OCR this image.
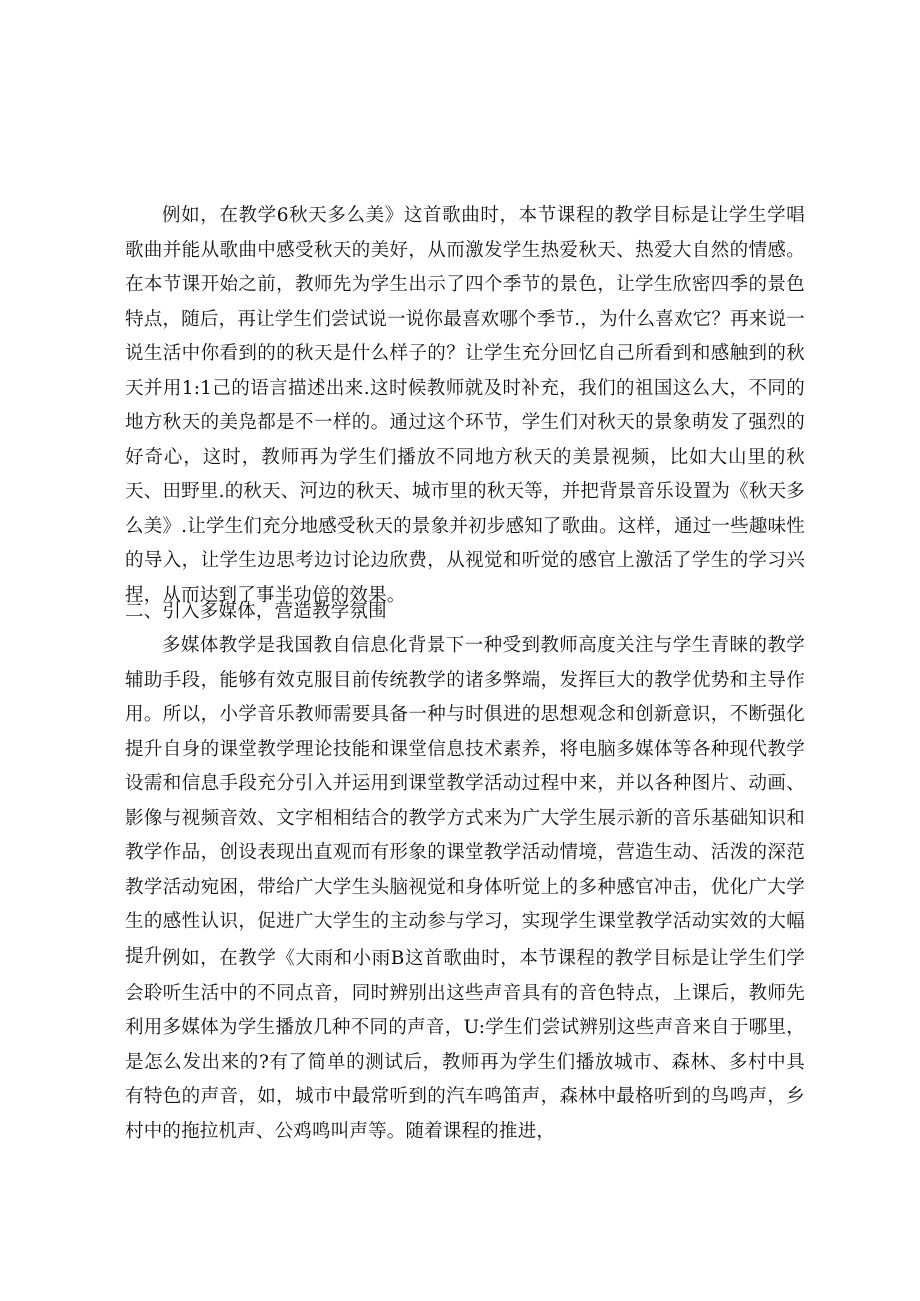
例如，在教学6秋天多么美》这首歌曲时，本节课程的教学目标是让学生学唱歌曲并能从歌曲中感受秋天的美好，从而激发学生热爱秋天、热爱大自然的情感。在本节课开始之前，教师先为学生出示了四个季节的景色，让学生欣密四季的景色特点，随后，再让学生们尝试说一说你最喜欢哪个季节.，为什么喜欢它？再来说一说生活中你看到的的秋天是什么样子的？让学生充分回忆自己所看到和感触到的秋天并用1:1己的语言描述出来.这时候教师就及时补充，我们的祖国这么大，不同的地方秋天的美凫都是不一样的。通过这个环节，学生们对秋天的景象萌发了强烈的好奇心，这时，教师再为学生们播放不同地方秋天的美景视频，比如大山里的秋天、田野里.的秋天、河边的秋天、城市里的秋天等，并把背景音乐设置为《秋天多么美》.让学生们充分地感受秋天的景象并初步感知了歌曲。这样，通过一些趣味性的导入，让学生边思考边讨论边欣费，从视觉和听觉的感官上激活了学生的学习兴捏，从而达到了事半功倍的效果。

二、引入多媒体，营造教学氛围

多媒体教学是我国教自信息化背景下一种受到教师高度关注与学生青睐的教学辅助手段，能够有效克服目前传统教学的诸多弊端，发挥巨大的教学优势和主导作用。所以，小学音乐教师需要具备一种与时俱进的思想观念和创新意识，不断强化提升自身的课堂教学理论技能和课堂信息技术素养，将电脑多媒体等各种现代教学设需和信息手段充分引入并运用到课堂教学活动过程中来，并以各种图片、动画、影像与视频音效、文字相相结合的教学方式来为广大学生展示新的音乐基础知识和教学作品，创设表现出直观而有形象的课堂教学活动情境，营造生动、活泼的深范教学活动宛困，带给广大学生头脑视觉和身体听觉上的多种感官冲击，优化广大学生的感性认识，促进广大学生的主动参与学习，实现学生课堂教学活动实效的大幅提升.

例如，在教学《大雨和小雨B这首歌曲时，本节课程的教学目标是让学生们学会聆听生活中的不同点音，同时辨别出这些声音具有的音色特点，上课后，教师先利用多媒体为学生播放几种不同的声音，U:学生们尝试辨别这些声音来自于哪里，是怎么发出来的?有了简单的测试后，教师再为学生们播放城市、森林、多村中具有特色的声音，如，城市中最常听到的汽车鸣笛声，森林中最格听到的鸟鸣声，乡村中的拖拉机声、公鸡鸣叫声等。随着课程的推进，
